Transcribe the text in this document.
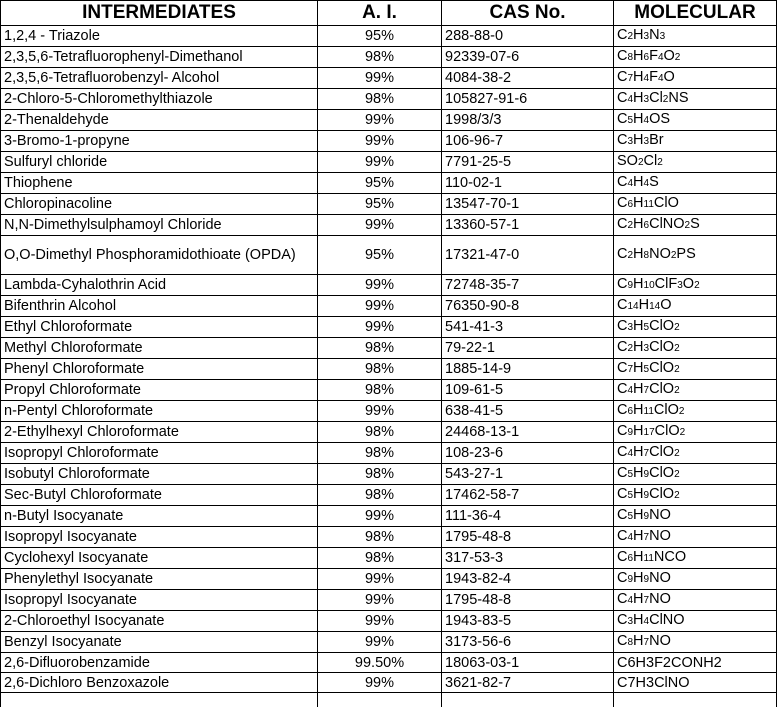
INTERMEDIATES	A. I.	CAS No.	MOLECULAR
1,2,4 - Triazole	95%	288-88-0	C2H3N3
2,3,5,6-Tetrafluorophenyl-Dimethanol	98%	92339-07-6	C8H6F4O2
2,3,5,6-Tetrafluorobenzyl- Alcohol	99%	4084-38-2	C7H4F4O
2-Chloro-5-Chloromethylthiazole	98%	105827-91-6	C4H3Cl2NS
2-Thenaldehyde	99%	1998/3/3	C5H4OS
3-Bromo-1-propyne	99%	106-96-7	C3H3Br
Sulfuryl chloride	99%	7791-25-5	SO2Cl2
Thiophene	95%	110-02-1	C4H4S
Chloropinacoline	95%	13547-70-1	C6H11ClO
N,N-Dimethylsulphamoyl Chloride	99%	13360-57-1	C2H6ClNO2S
O,O-Dimethyl Phosphoramidothioate (OPDA)	95%	17321-47-0	C2H8NO2PS
Lambda-Cyhalothrin Acid	99%	72748-35-7	C9H10ClF3O2
Bifenthrin Alcohol	99%	76350-90-8	C14H14O
Ethyl Chloroformate	99%	541-41-3	C3H5ClO2
Methyl Chloroformate	98%	79-22-1	C2H3ClO2
Phenyl Chloroformate	98%	1885-14-9	C7H5ClO2
Propyl Chloroformate	98%	109-61-5	C4H7ClO2
n-Pentyl Chloroformate	99%	638-41-5	C6H11ClO2
2-Ethylhexyl Chloroformate	98%	24468-13-1	C9H17ClO2
Isopropyl Chloroformate	98%	108-23-6	C4H7ClO2
Isobutyl Chloroformate	98%	543-27-1	C5H9ClO2
Sec-Butyl Chloroformate	98%	17462-58-7	C5H9ClO2
n-Butyl Isocyanate	99%	111-36-4	C5H9NO
Isopropyl Isocyanate	98%	1795-48-8	C4H7NO
Cyclohexyl Isocyanate	98%	317-53-3	C6H11NCO
Phenylethyl Isocyanate	99%	1943-82-4	C9H9NO
Isopropyl Isocyanate	99%	1795-48-8	C4H7NO
2-Chloroethyl Isocyanate	99%	1943-83-5	C3H4ClNO
Benzyl Isocyanate	99%	3173-56-6	C8H7NO
2,6-Difluorobenzamide	99.50%	18063-03-1	C6H3F2CONH2
2,6-Dichloro Benzoxazole	99%	3621-82-7	C7H3ClNO
